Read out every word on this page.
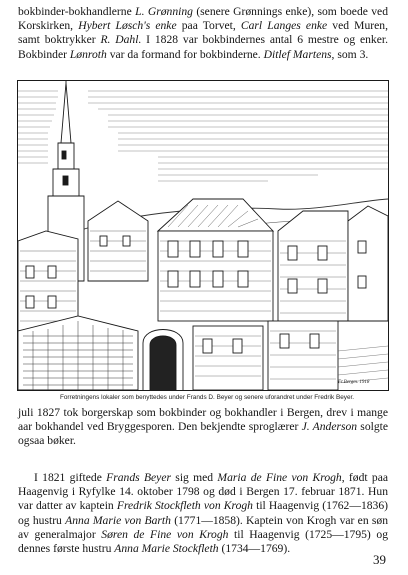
bokbinder-bokhandlerne L. Grønning (senere Grønnings enke), som boede ved Korskirken, Hybert Løsch's enke paa Torvet, Carl Langes enke ved Muren, samt boktrykker R. Dahl. I 1828 var bokbindernes antal 6 mestre og enker. Bokbinder Lønroth var da formand for bokbinderne. Ditlef Martens, som 3.

Fr.Bergm. 1918
Forretningens lokaler som benyttedes under Frands D. Beyer og senere uforandret under Fredrik Beyer.

juli 1827 tok borgerskap som bokbinder og bokhandler i Bergen, drev i mange aar bokhandel ved Bryggesporen. Den bekjendte sproglærer J. Anderson solgte ogsaa bøker.

I 1821 giftede Frands Beyer sig med Maria de Fine von Krogh, født paa Haagenvig i Ryfylke 14. oktober 1798 og død i Bergen 17. februar 1871. Hun var datter av kaptein Fredrik Stockfleth von Krogh til Haagenvig (1762—1836) og hustru Anna Marie von Barth (1771—1858). Kaptein von Krogh var en søn av generalmajor Søren de Fine von Krogh til Haagenvig (1725—1795) og dennes første hustru Anna Marie Stockfleth (1734—1769).

39
